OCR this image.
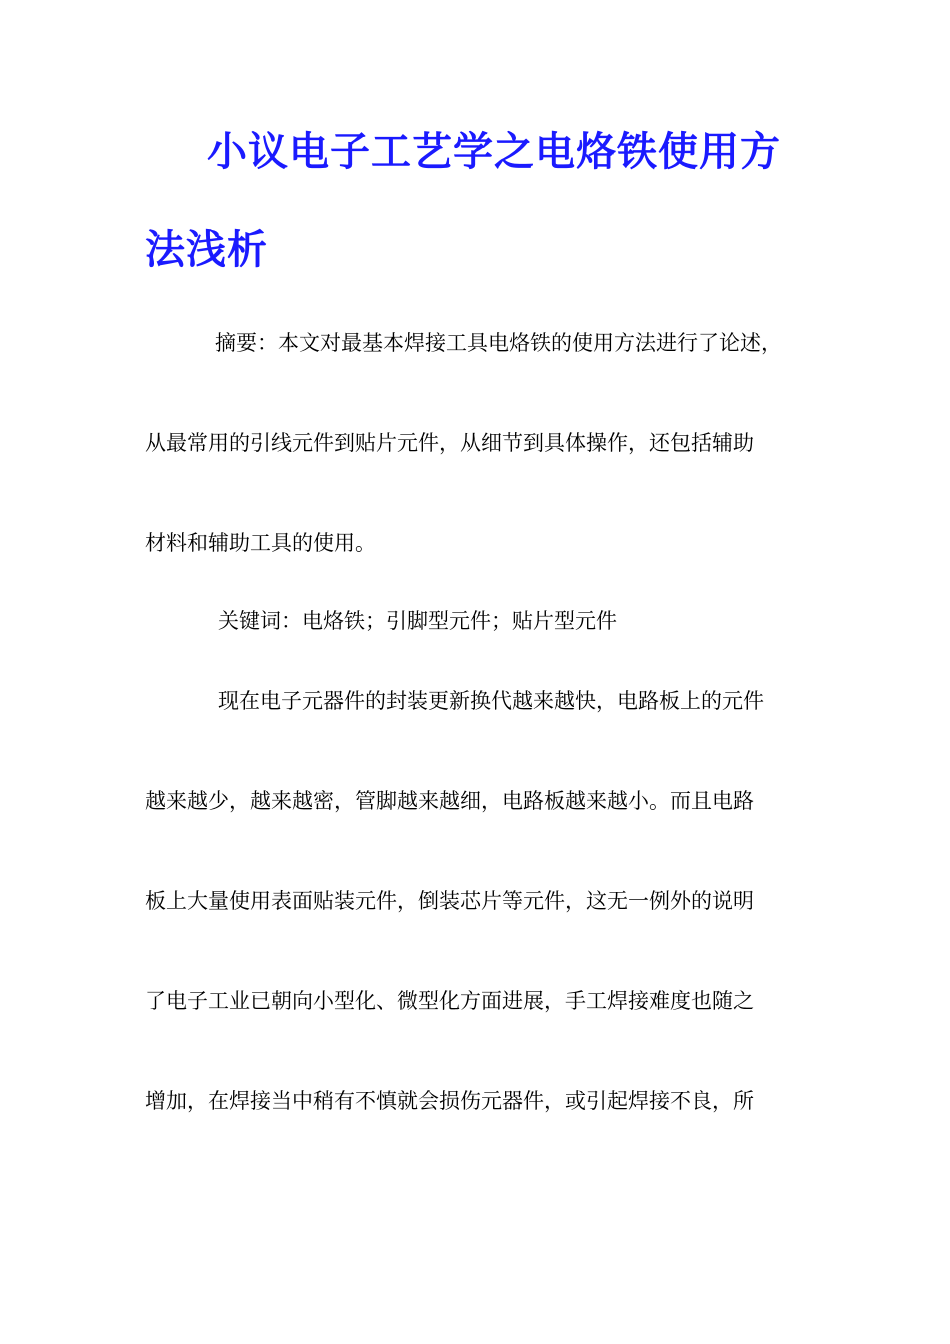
小议电子工艺学之电烙铁使用方
法浅析
摘要：本文对最基本焊接工具电烙铁的使用方法进行了论述，
从最常用的引线元件到贴片元件，从细节到具体操作，还包括辅助
材料和辅助工具的使用。
关键词：电烙铁；引脚型元件；贴片型元件
现在电子元器件的封装更新换代越来越快，电路板上的元件
越来越少，越来越密，管脚越来越细，电路板越来越小。而且电路
板上大量使用表面贴装元件，倒装芯片等元件，这无一例外的说明
了电子工业已朝向小型化、微型化方面进展，手工焊接难度也随之
增加，在焊接当中稍有不慎就会损伤元器件，或引起焊接不良，所
